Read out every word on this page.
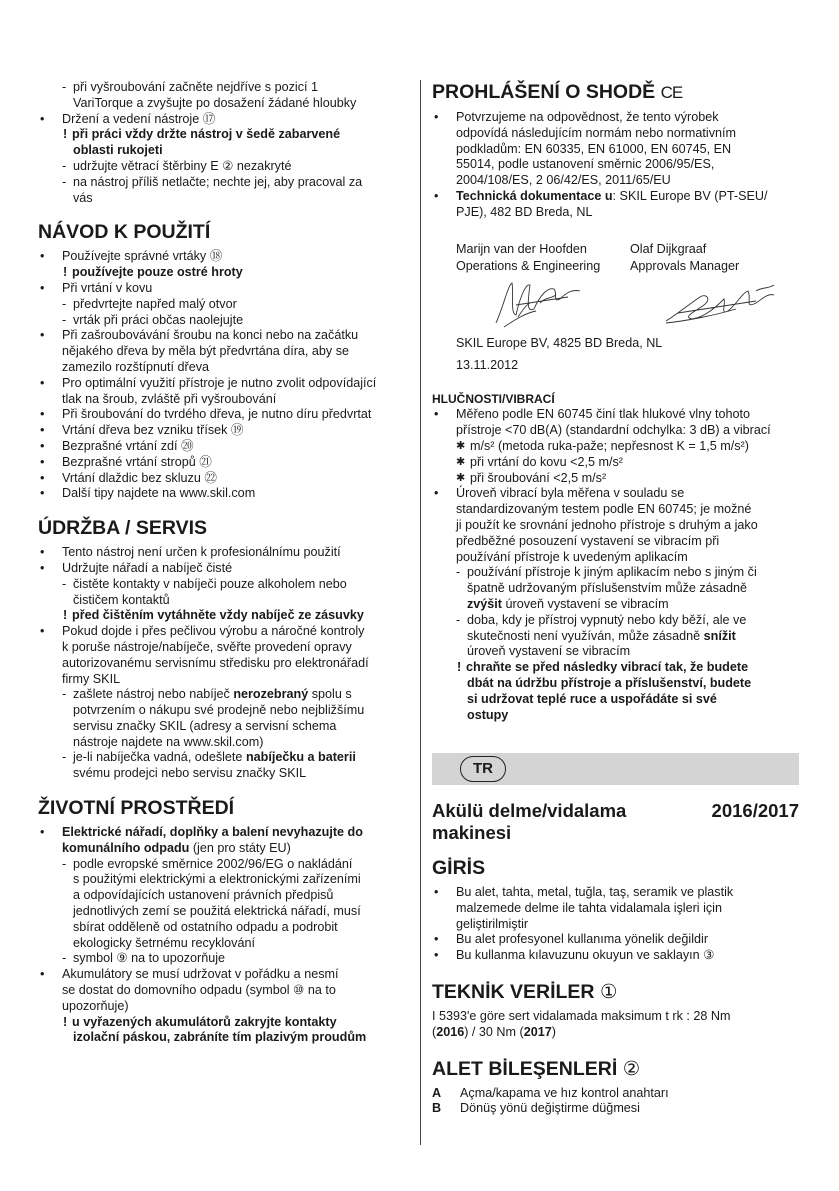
- při vyšroubování začněte nejdříve s pozicí 1
VariTorque a zvyšujte po dosažení žádané hloubky
• Držení a vedení nástroje ⑰
! při práci vždy držte nástroj v šedě zabarvené
oblasti rukojeti
- udržujte větrací štěrbiny E ② nezakryté
- na nástroj příliš netlačte; nechte jej, aby pracoval za
vás
NÁVOD K POUŽITÍ
• Používejte správné vrtáky ⑱
! používejte pouze ostré hroty
• Při vrtání v kovu
- předvrtejte napřed malý otvor
- vrták při práci občas naolejujte
• Při zašroubovávání šroubu na konci nebo na začátku
nějakého dřeva by měla být předvrtána díra, aby se
zamezilo rozštípnutí dřeva
• Pro optimální využití přístroje je nutno zvolit odpovídající
tlak na šroub, zvláště při vyšroubování
• Při šroubování do tvrdého dřeva, je nutno díru předvrtat
• Vrtání dřeva bez vzniku třísek ⑲
• Bezprašné vrtání zdí ⑳
• Bezprašné vrtání stropů ㉑
• Vrtání dlaždic bez skluzu ㉒
• Další tipy najdete na www.skil.com
ÚDRŽBA / SERVIS
• Tento nástroj není určen k profesionálnímu použití
• Udržujte nářadí a nabíječ čisté
- čistěte kontakty v nabíječi pouze alkoholem nebo
čističem kontaktů
! před čištěním vytáhněte vždy nabíječ ze zásuvky
• Pokud dojde i přes pečlivou výrobu a náročné kontroly
k poruše nástroje/nabíječe, svěřte provedení opravy
autorizovanému servisnímu středisku pro elektronářadí
firmy SKIL
- zašlete nástroj nebo nabíječ nerozebraný spolu s
potvrzením o nákupu své prodejně nebo nejbližšímu
servisu značky SKIL (adresy a servisní schema
nástroje najdete na www.skil.com)
- je-li nabíječka vadná, odešlete nabíječku a baterii
svému prodejci nebo servisu značky SKIL
ŽIVOTNÍ PROSTŘEDÍ
• Elektrické nářadí, doplňky a balení nevyhazujte do
komunálního odpadu (jen pro státy EU)
- podle evropské směrnice 2002/96/EG o nakládání
s použitými elektrickými a elektronickými zařízeními
a odpovídajících ustanovení právních předpisů
jednotlivých zemí se použitá elektrická nářadí, musí
sbírat odděleně od ostatního odpadu a podrobit
ekologicky šetrnému recyklování
- symbol ⑨ na to upozorňuje
• Akumulátory se musí udržovat v pořádku a nesmí
se dostat do domovního odpadu (symbol ⑩ na to
upozorňuje)
! u vyřazených akumulátorů zakryjte kontakty
izolační páskou, zabráníte tím plazivým proudům
PROHLÁŠENÍ O SHODĚ CE
• Potvrzujeme na odpovědnost, že tento výrobek
odpovídá následujícím normám nebo normativním
podkladům: EN 60335, EN 61000, EN 60745, EN
55014, podle ustanovení směrnic 2006/95/ES,
2004/108/ES, 2 06/42/ES, 2011/65/EU
• Technická dokumentace u: SKIL Europe BV (PT-SEU/
PJE), 482 BD Breda, NL
Marijn van der Hoofden	Olaf Dijkgraaf
Operations & Engineering	Approvals Manager
SKIL Europe BV, 4825 BD Breda, NL
13.11.2012
HLUČNOSTI/VIBRACÍ
• Měřeno podle EN 60745 činí tlak hlukové vlny tohoto
přístroje <70 dB(A) (standardní odchylka: 3 dB) a vibrací
✱ m/s² (metoda ruka-paže; nepřesnost K = 1,5 m/s²)
✱ při vrtání do kovu <2,5 m/s²
✱ při šroubování <2,5 m/s²
• Úroveň vibrací byla měřena v souladu se
standardizovaným testem podle EN 60745; je možné
ji použít ke srovnání jednoho přístroje s druhým a jako
předběžné posouzení vystavení se vibracím při
používání přístroje k uvedeným aplikacím
- používání přístroje k jiným aplikacím nebo s jiným či
špatně udržovaným příslušenstvím může zásadně
zvýšit úroveň vystavení se vibracím
- doba, kdy je přístroj vypnutý nebo kdy běží, ale ve
skutečnosti není využíván, může zásadně snížit
úroveň vystavení se vibracím
! chraňte se před následky vibrací tak, že budete
dbát na údržbu přístroje a příslušenství, budete
si udržovat teplé ruce a uspořádáte si své
ostupy
TR
Akülü delme/vidalama
makinesi
2016/2017
GİRİS
• Bu alet, tahta, metal, tuğla, taş, seramik ve plastik
malzemede delme ile tahta vidalamala işleri için
geliştirilmiştir
• Bu alet profesyonel kullanıma yönelik değildir
• Bu kullanma kılavuzunu okuyun ve saklayın ③
TEKNİK VERİLER ①
I 5393'e göre sert vidalamada maksimum t rk : 28 Nm
(2016) / 30 Nm (2017)
ALET BİLEŞENLERİ ②
A Açma/kapama ve hız kontrol anahtarı
B Dönüş yönü değiştirme düğmesi
